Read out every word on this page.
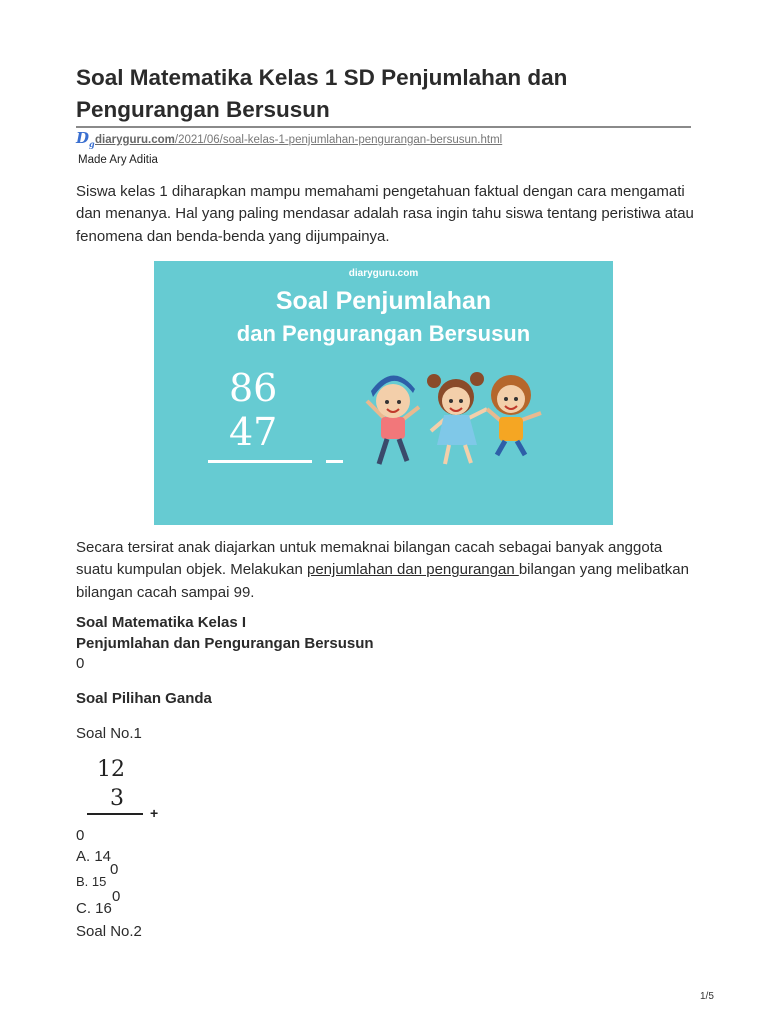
Soal Matematika Kelas 1 SD Penjumlahan dan Pengurangan Bersusun
$D_g$ diaryguru.com/2021/06/soal-kelas-1-penjumlahan-pengurangan-bersusun.html
Made Ary Aditia
Siswa kelas 1 diharapkan mampu memahami pengetahuan faktual dengan cara mengamati dan menanya. Hal yang paling mendasar adalah rasa ingin tahu siswa tentang peristiwa atau fenomena dan benda-benda yang dijumpainya.
diaryguru.com
Soal Penjumlahan
dan Pengurangan Bersusun
86
47
Secara tersirat anak diajarkan untuk memaknai bilangan cacah sebagai banyak anggota suatu kumpulan objek. Melakukan penjumlahan dan pengurangan bilangan yang melibatkan bilangan cacah sampai 99.
Soal Matematika Kelas I
Penjumlahan dan Pengurangan Bersusun
0
Soal Pilihan Ganda
Soal No.1
12
3
+
0
A. 14
0
B. 15
0
C. 16
Soal No.2
1/5
